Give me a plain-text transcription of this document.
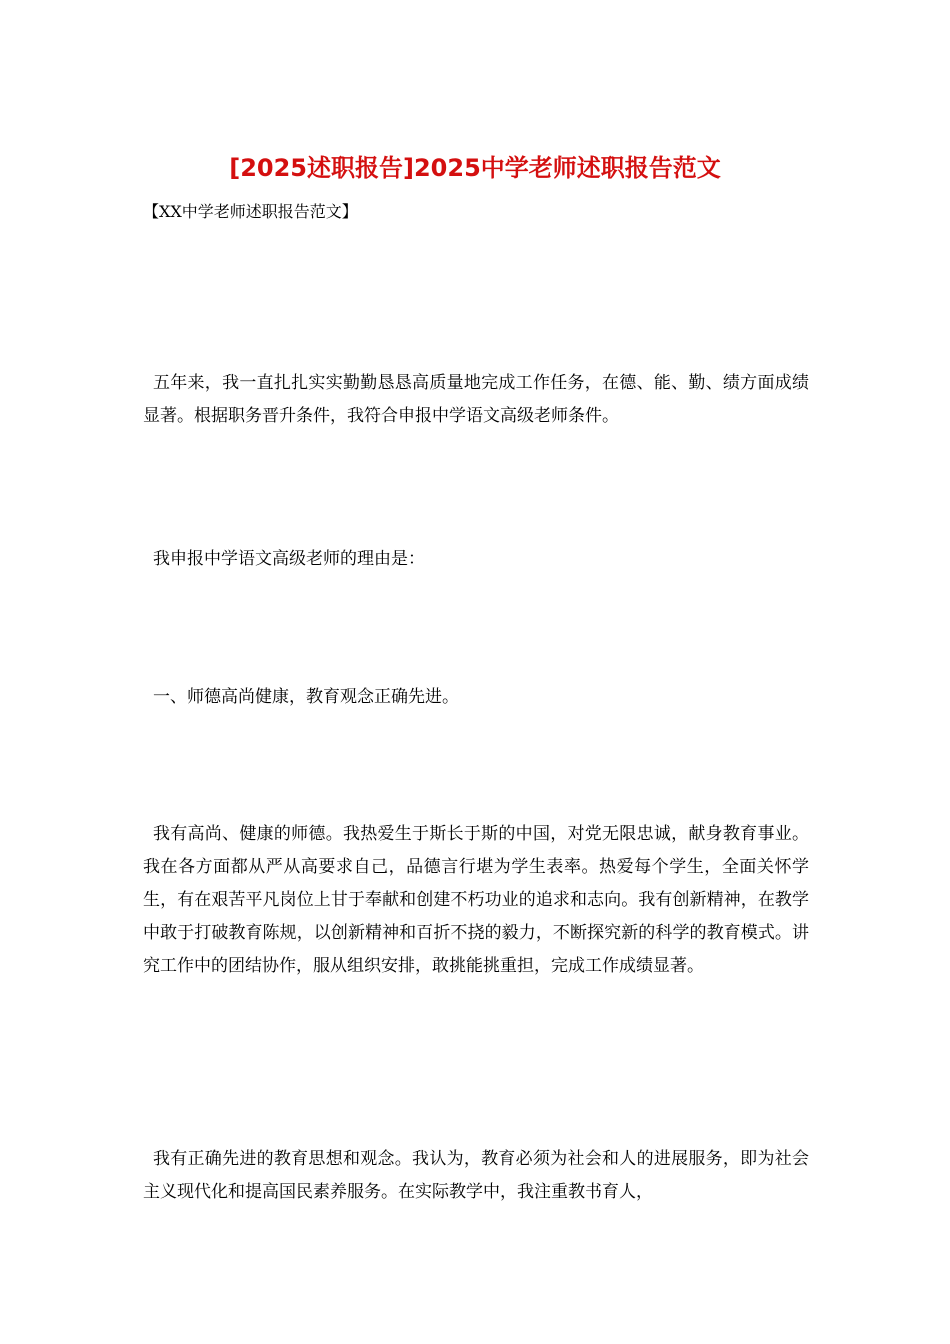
[2025述职报告]2025中学老师述职报告范文

【XX中学老师述职报告范文】

五年来，我一直扎扎实实勤勤恳恳高质量地完成工作任务，在德、能、勤、绩方面成绩显著。根据职务晋升条件，我符合申报中学语文高级老师条件。

我申报中学语文高级老师的理由是：

一、师德高尚健康，教育观念正确先进。

我有高尚、健康的师德。我热爱生于斯长于斯的中国，对党无限忠诚，献身教育事业。我在各方面都从严从高要求自己，品德言行堪为学生表率。热爱每个学生，全面关怀学生，有在艰苦平凡岗位上甘于奉献和创建不朽功业的追求和志向。我有创新精神，在教学中敢于打破教育陈规，以创新精神和百折不挠的毅力，不断探究新的科学的教育模式。讲究工作中的团结协作，服从组织安排，敢挑能挑重担，完成工作成绩显著。

我有正确先进的教育思想和观念。我认为，教育必须为社会和人的进展服务，即为社会主义现代化和提高国民素养服务。在实际教学中，我注重教书育人，
